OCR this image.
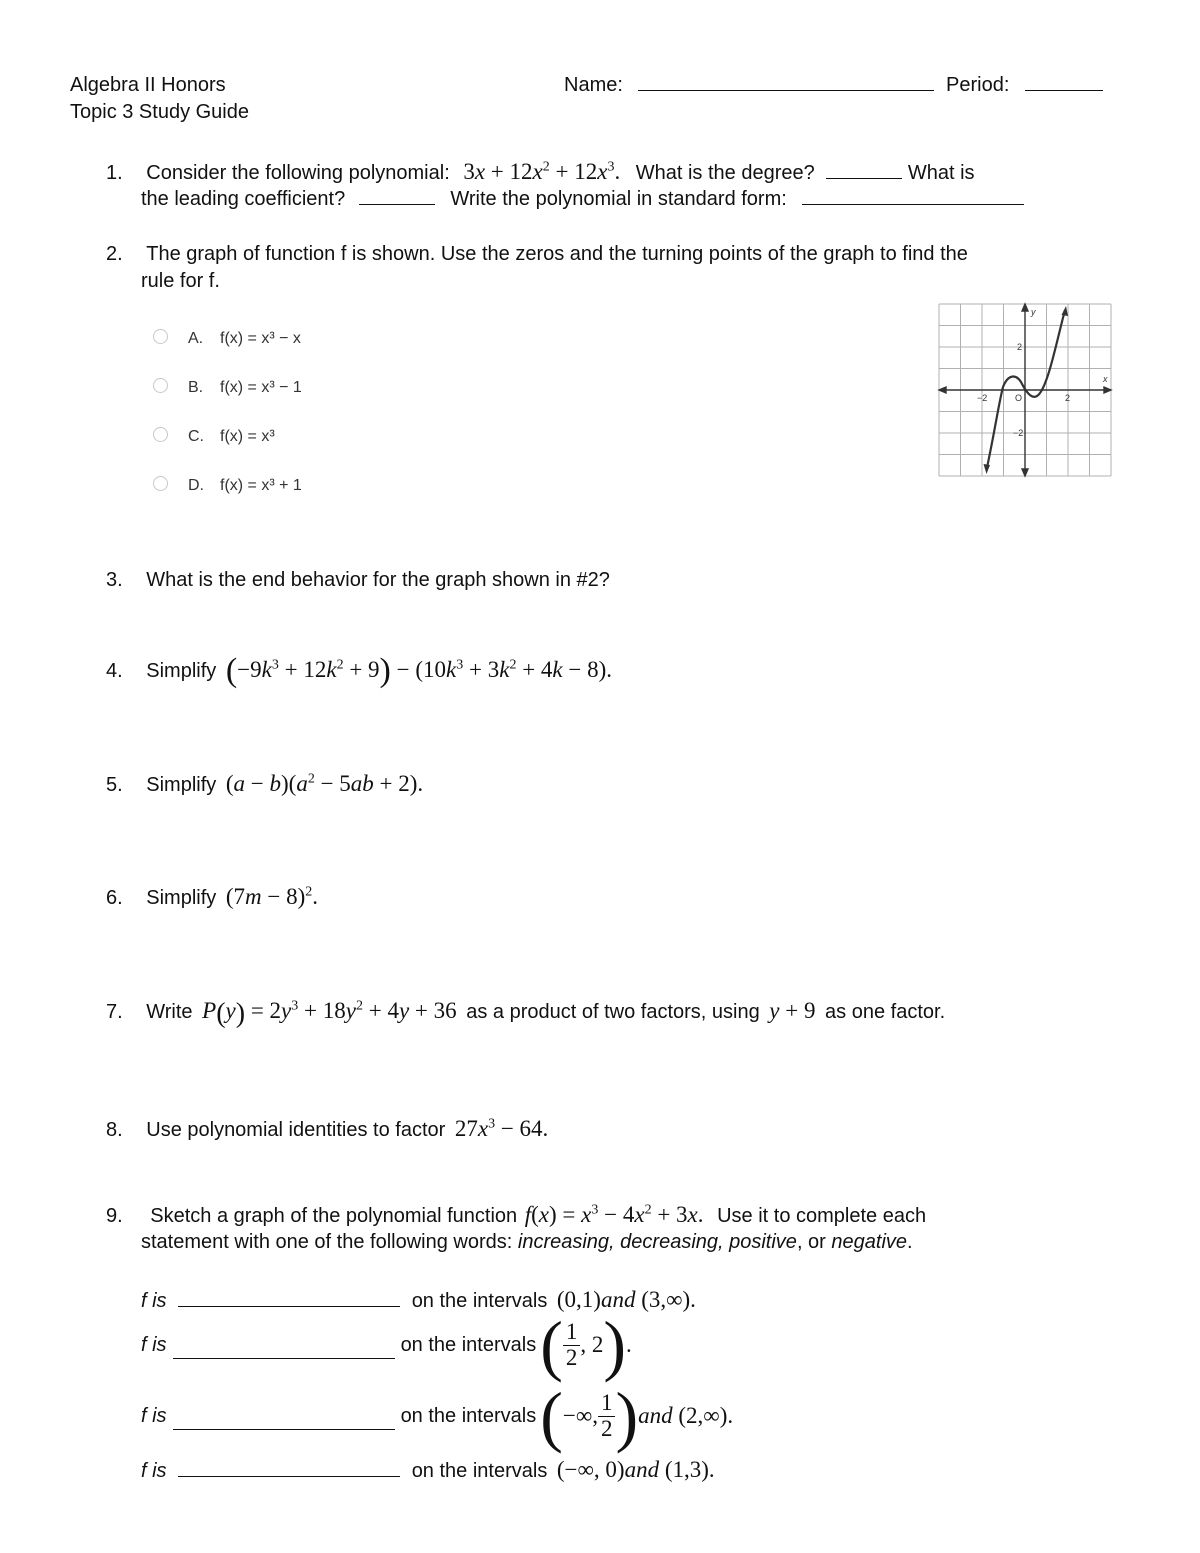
Algebra II Honors
Topic 3 Study Guide
Name:	Period:
1. Consider the following polynomial: $3x + 12x^2 + 12x^3$. What is the degree?	What is
the leading coefficient?	Write the polynomial in standard form:
2. The graph of function f is shown. Use the zeros and the turning points of the graph to find the
rule for f.
A. f(x) = x³ − x
B. f(x) = x³ − 1
C. f(x) = x³
D. f(x) = x³ + 1
y
x
2
−2
−2	O	2
3. What is the end behavior for the graph shown in #2?
4. Simplify $(-9k^3 + 12k^2 + 9) - (10k^3 + 3k^2 + 4k - 8)$.
5. Simplify $(a - b)(a^2 - 5ab + 2)$.
6. Simplify $(7m - 8)^2$.
7. Write $P(y) = 2y^3 + 18y^2 + 4y + 36$ as a product of two factors, using y + 9 as one factor.
8. Use polynomial identities to factor $27x^3 - 64$.
9. Sketch a graph of the polynomial function $f(x) = x^3 - 4x^2 + 3x$. Use it to complete each
statement with one of the following words: increasing, decreasing, positive, or negative.
f is	on the intervals (0,1)and (3,∞).
f is	on the intervals ( $\frac{1}{2}$ , 2 ) .
f is	on the intervals ( −∞, $\frac{1}{2}$ ) and (2,∞).
f is	on the intervals (−∞, 0)and (1,3).
